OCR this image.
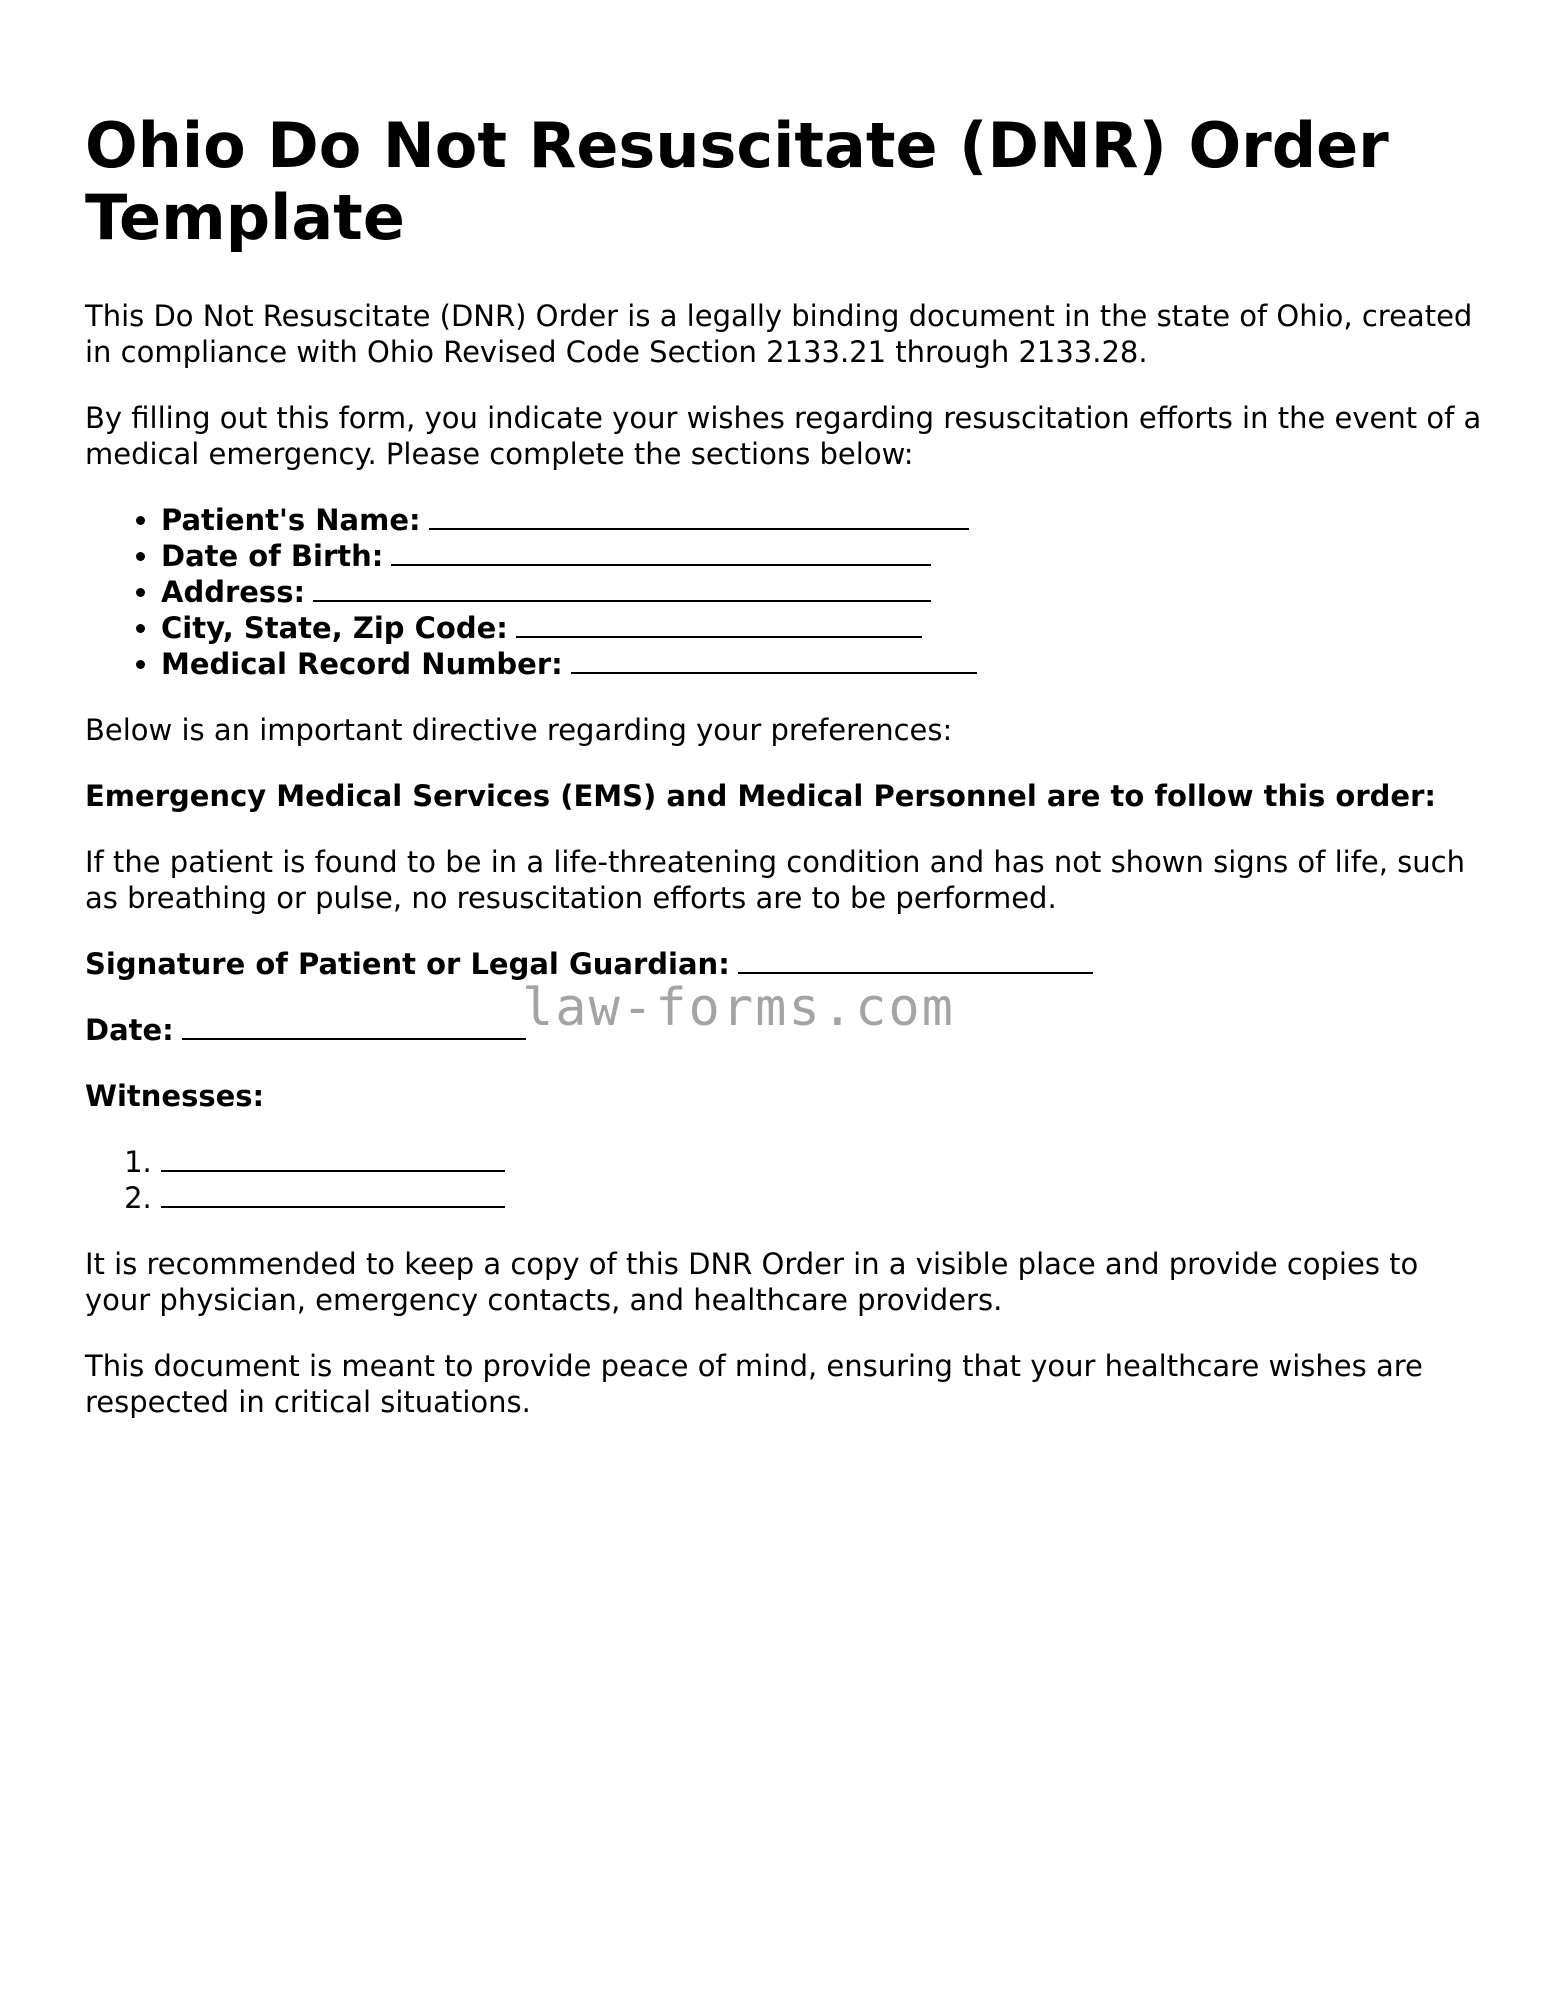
Ohio Do Not Resuscitate (DNR) Order Template

This Do Not Resuscitate (DNR) Order is a legally binding document in the state of Ohio, created in compliance with Ohio Revised Code Section 2133.21 through 2133.28.

By filling out this form, you indicate your wishes regarding resuscitation efforts in the event of a medical emergency. Please complete the sections below:

• Patient's Name:
• Date of Birth:
• Address:
• City, State, Zip Code:
• Medical Record Number:

Below is an important directive regarding your preferences:

Emergency Medical Services (EMS) and Medical Personnel are to follow this order:

If the patient is found to be in a life-threatening condition and has not shown signs of life, such as breathing or pulse, no resuscitation efforts are to be performed.

Signature of Patient or Legal Guardian:

Date:

Witnesses:

1.
2.

It is recommended to keep a copy of this DNR Order in a visible place and provide copies to your physician, emergency contacts, and healthcare providers.

This document is meant to provide peace of mind, ensuring that your healthcare wishes are respected in critical situations.

law-forms.com
